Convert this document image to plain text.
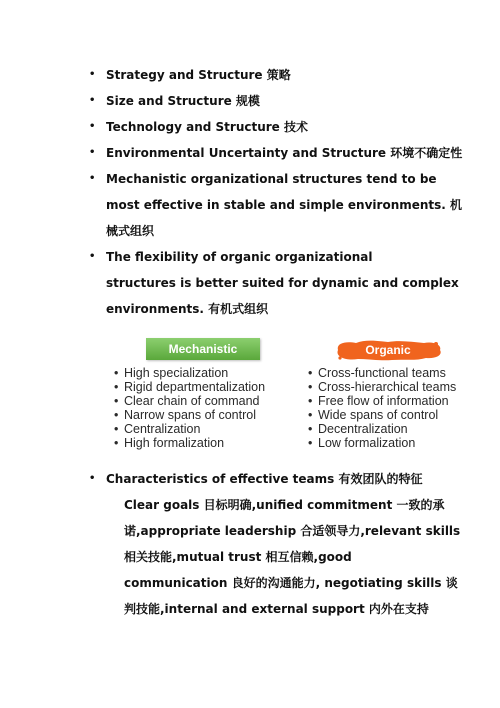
• Strategy and Structure 策略
• Size and Structure 规模
• Technology and Structure 技术
• Environmental Uncertainty and Structure 环境不确定性
• Mechanistic organizational structures tend to be
most effective in stable and simple environments. 机
械式组织
• The flexibility of organic organizational
structures is better suited for dynamic and complex
environments. 有机式组织
Mechanistic
• High specialization
• Rigid departmentalization
• Clear chain of command
• Narrow spans of control
• Centralization
• High formalization
Organic
• Cross-functional teams
• Cross-hierarchical teams
• Free flow of information
• Wide spans of control
• Decentralization
• Low formalization
• Characteristics of effective teams 有效团队的特征
Clear goals 目标明确,unified commitment 一致的承
诺,appropriate leadership 合适领导力,relevant skills
相关技能,mutual trust 相互信赖,good
communication 良好的沟通能力, negotiating skills 谈
判技能,internal and external support 内外在支持
